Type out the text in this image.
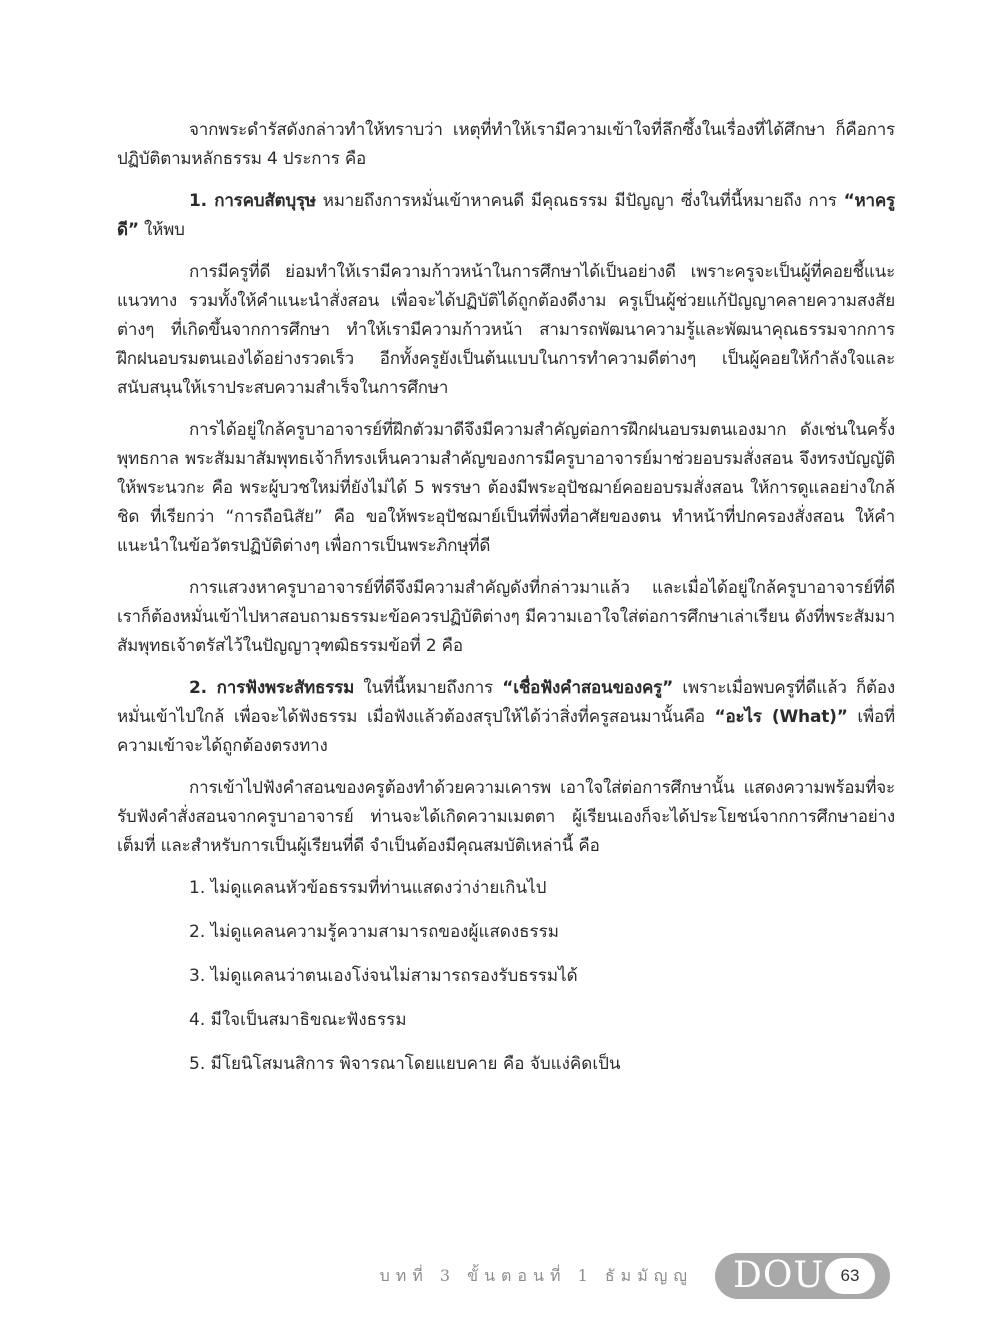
จากพระดำรัสดังกล่าวทำให้ทราบว่า เหตุที่ทำให้เรามีความเข้าใจที่ลึกซึ้งในเรื่องที่ได้ศึกษา ก็คือการปฏิบัติตามหลักธรรม 4 ประการ คือ

1. การคบสัตบุรุษ หมายถึงการหมั่นเข้าหาคนดี มีคุณธรรม มีปัญญา ซึ่งในที่นี้หมายถึง การ “หาครูดี” ให้พบ

การมีครูที่ดี ย่อมทำให้เรามีความก้าวหน้าในการศึกษาได้เป็นอย่างดี เพราะครูจะเป็นผู้ที่คอยชี้แนะแนวทาง รวมทั้งให้คำแนะนำสั่งสอน เพื่อจะได้ปฏิบัติได้ถูกต้องดีงาม ครูเป็นผู้ช่วยแก้ปัญญาคลายความสงสัยต่างๆ ที่เกิดขึ้นจากการศึกษา ทำให้เรามีความก้าวหน้า สามารถพัฒนาความรู้และพัฒนาคุณธรรมจากการฝึกฝนอบรมตนเองได้อย่างรวดเร็ว อีกทั้งครูยังเป็นต้นแบบในการทำความดีต่างๆ เป็นผู้คอยให้กำลังใจและสนับสนุนให้เราประสบความสำเร็จในการศึกษา

การได้อยู่ใกล้ครูบาอาจารย์ที่ฝึกตัวมาดีจึงมีความสำคัญต่อการฝึกฝนอบรมตนเองมาก ดังเช่นในครั้งพุทธกาล พระสัมมาสัมพุทธเจ้าก็ทรงเห็นความสำคัญของการมีครูบาอาจารย์มาช่วยอบรมสั่งสอน จึงทรงบัญญัติให้พระนวกะ คือ พระผู้บวชใหม่ที่ยังไม่ได้ 5 พรรษา ต้องมีพระอุปัชฌาย์คอยอบรมสั่งสอน ให้การดูแลอย่างใกล้ชิด ที่เรียกว่า “การถือนิสัย” คือ ขอให้พระอุปัชฌาย์เป็นที่พึ่งที่อาศัยของตน ทำหน้าที่ปกครองสั่งสอน ให้คำแนะนำในข้อวัตรปฏิบัติต่างๆ เพื่อการเป็นพระภิกษุที่ดี

การแสวงหาครูบาอาจารย์ที่ดีจึงมีความสำคัญดังที่กล่าวมาแล้ว และเมื่อได้อยู่ใกล้ครูบาอาจารย์ที่ดี เราก็ต้องหมั่นเข้าไปหาสอบถามธรรมะข้อควรปฏิบัติต่างๆ มีความเอาใจใส่ต่อการศึกษาเล่าเรียน ดังที่พระสัมมาสัมพุทธเจ้าตรัสไว้ในปัญญาวุฑฒิธรรมข้อที่ 2 คือ

2. การฟังพระสัทธรรม ในที่นี้หมายถึงการ “เชื่อฟังคำสอนของครู” เพราะเมื่อพบครูที่ดีแล้ว ก็ต้องหมั่นเข้าไปใกล้ เพื่อจะได้ฟังธรรม เมื่อฟังแล้วต้องสรุปให้ได้ว่าสิ่งที่ครูสอนมานั้นคือ “อะไร (What)” เพื่อที่ความเข้าจะได้ถูกต้องตรงทาง

การเข้าไปฟังคำสอนของครูต้องทำด้วยความเคารพ เอาใจใส่ต่อการศึกษานั้น แสดงความพร้อมที่จะรับฟังคำสั่งสอนจากครูบาอาจารย์ ท่านจะได้เกิดความเมตตา ผู้เรียนเองก็จะได้ประโยชน์จากการศึกษาอย่างเต็มที่ และสำหรับการเป็นผู้เรียนที่ดี จำเป็นต้องมีคุณสมบัติเหล่านี้ คือ

1. ไม่ดูแคลนหัวข้อธรรมที่ท่านแสดงว่าง่ายเกินไป
2. ไม่ดูแคลนความรู้ความสามารถของผู้แสดงธรรม
3. ไม่ดูแคลนว่าตนเองโง่จนไม่สามารถรองรับธรรมได้
4. มีใจเป็นสมาธิขณะฟังธรรม
5. มีโยนิโสมนสิการ พิจารณาโดยแยบคาย คือ จับแง่คิดเป็น
บทที่ 3 ขั้นตอนที่ 1 ธัมมัญญู DOU 63
